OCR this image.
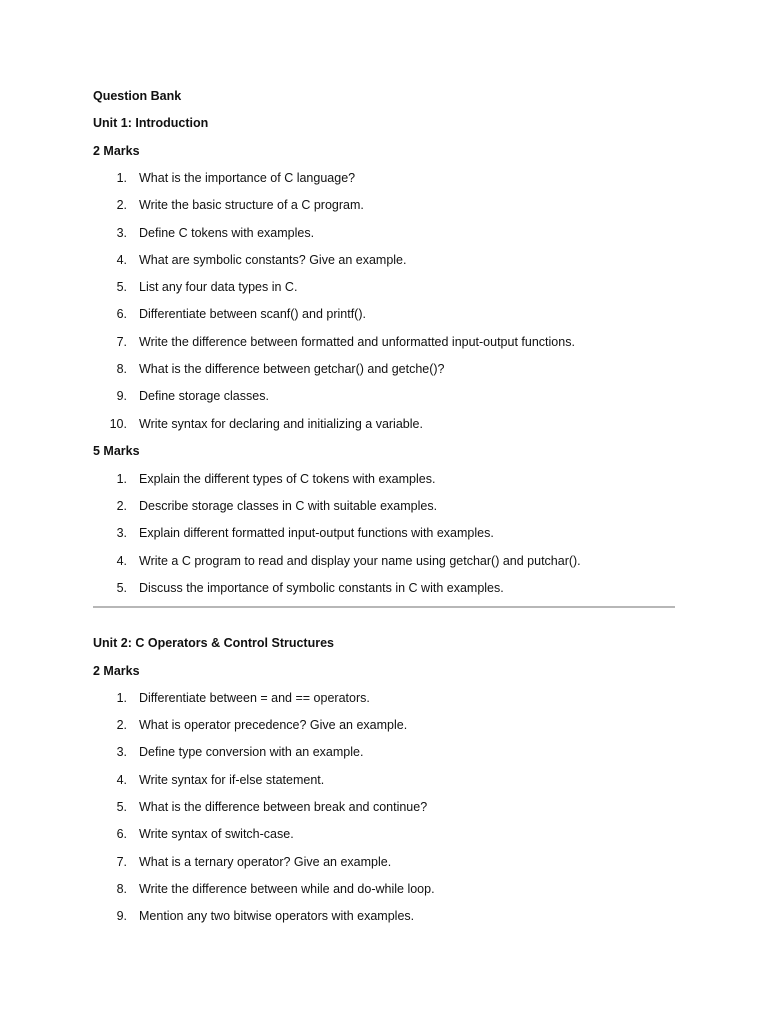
Question Bank
Unit 1: Introduction
2 Marks
1. What is the importance of C language?
2. Write the basic structure of a C program.
3. Define C tokens with examples.
4. What are symbolic constants? Give an example.
5. List any four data types in C.
6. Differentiate between scanf() and printf().
7. Write the difference between formatted and unformatted input-output functions.
8. What is the difference between getchar() and getche()?
9. Define storage classes.
10. Write syntax for declaring and initializing a variable.
5 Marks
1. Explain the different types of C tokens with examples.
2. Describe storage classes in C with suitable examples.
3. Explain different formatted input-output functions with examples.
4. Write a C program to read and display your name using getchar() and putchar().
5. Discuss the importance of symbolic constants in C with examples.
Unit 2: C Operators & Control Structures
2 Marks
1. Differentiate between = and == operators.
2. What is operator precedence? Give an example.
3. Define type conversion with an example.
4. Write syntax for if-else statement.
5. What is the difference between break and continue?
6. Write syntax of switch-case.
7. What is a ternary operator? Give an example.
8. Write the difference between while and do-while loop.
9. Mention any two bitwise operators with examples.
